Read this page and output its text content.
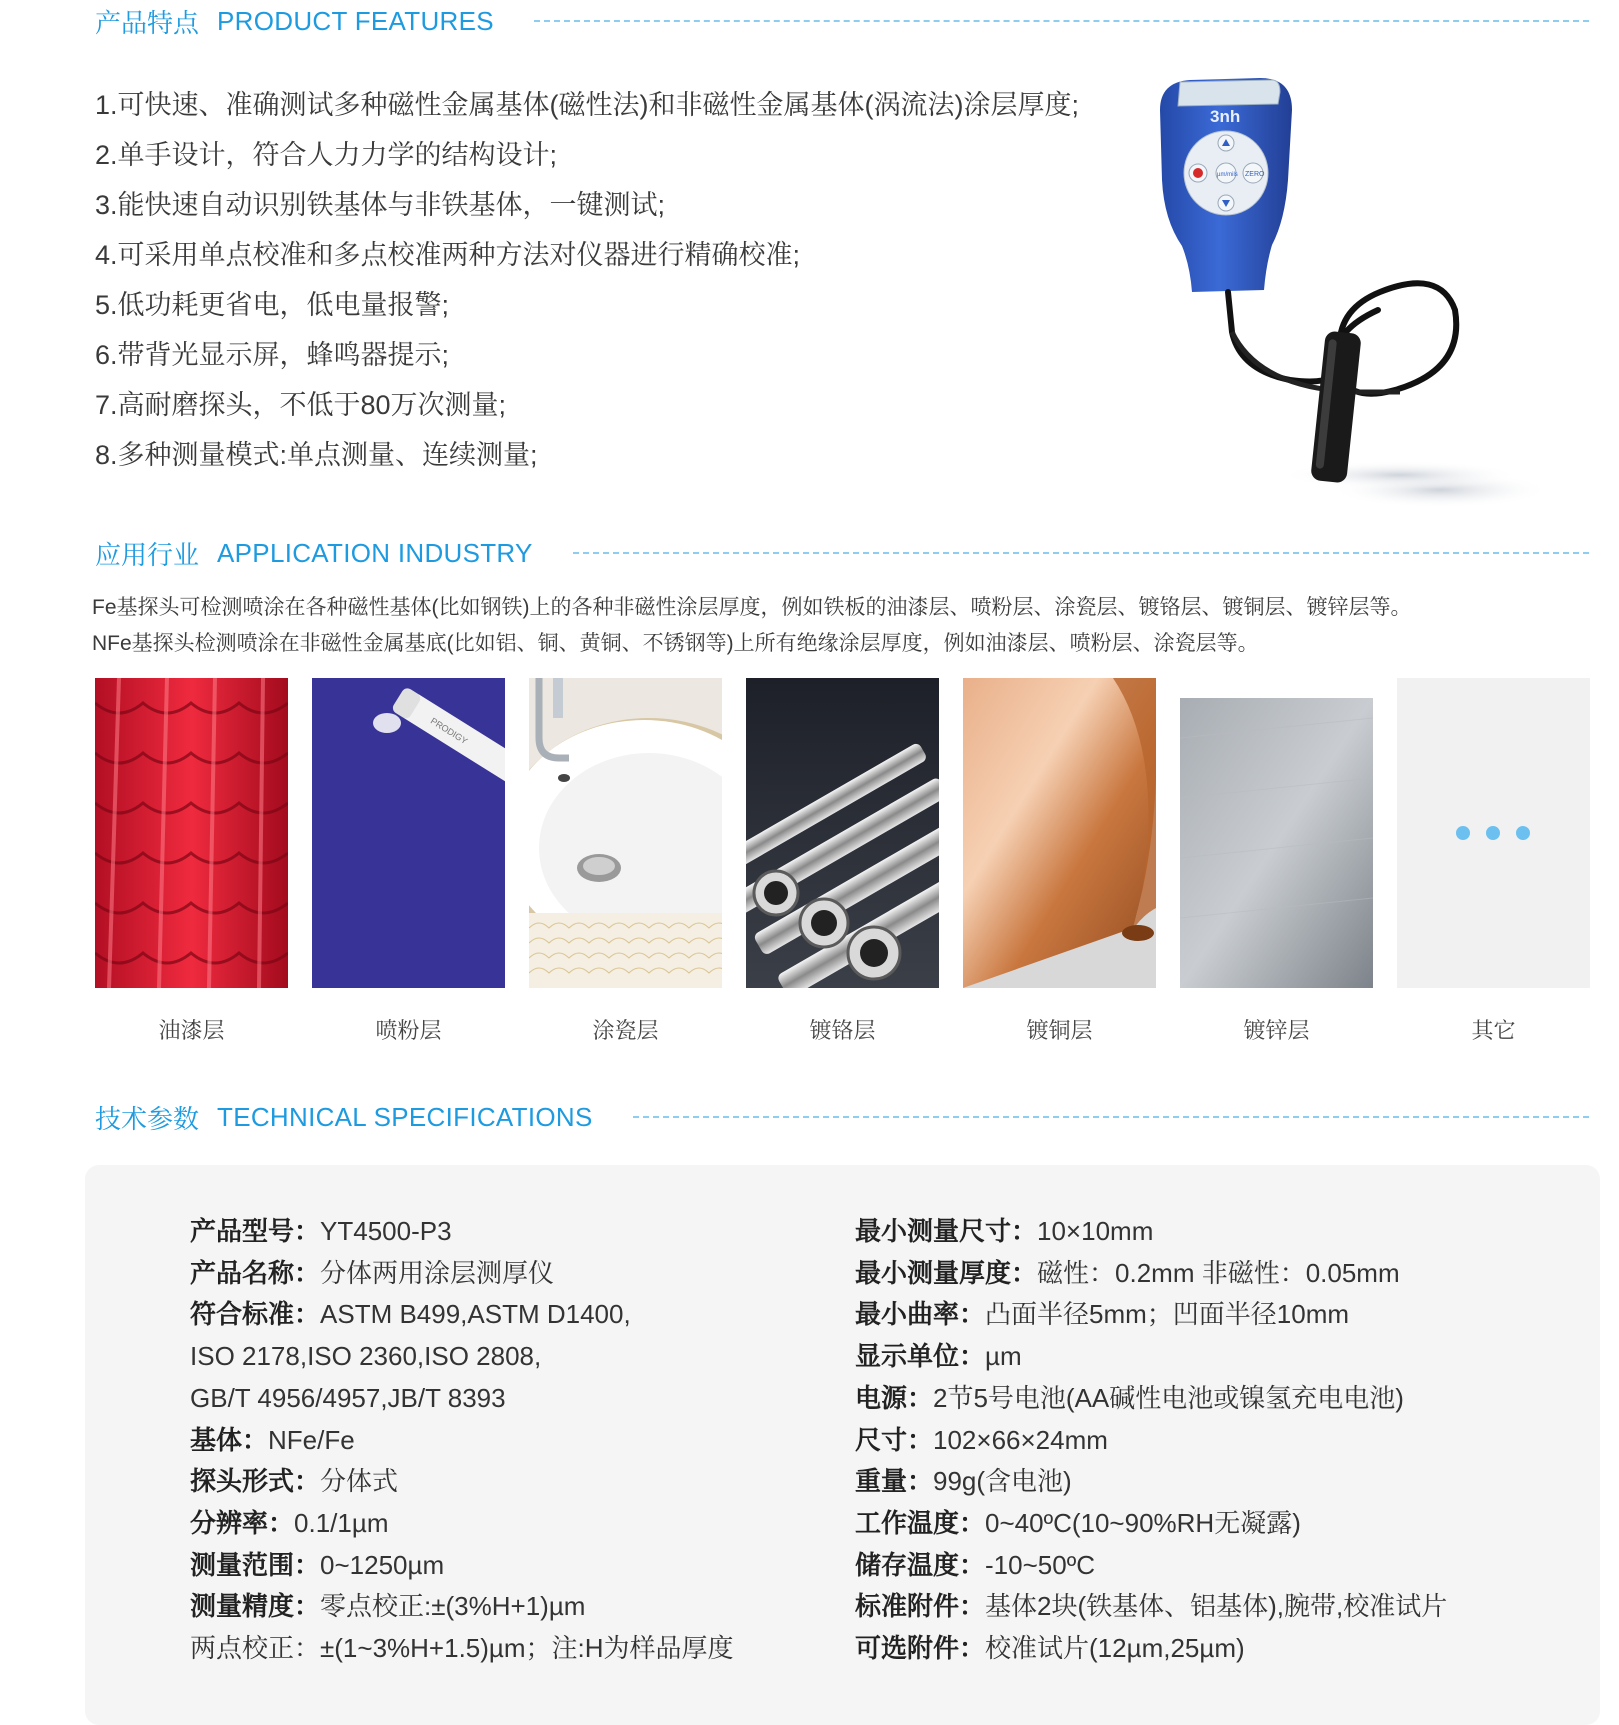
产品特点 PRODUCT FEATURES
1.可快速、准确测试多种磁性金属基体(磁性法)和非磁性金属基体(涡流法)涂层厚度;
2.单手设计，符合人力力学的结构设计;
3.能快速自动识别铁基体与非铁基体，一键测试;
4.可采用单点校准和多点校准两种方法对仪器进行精确校准;
5.低功耗更省电，低电量报警;
6.带背光显示屏，蜂鸣器提示;
7.高耐磨探头，不低于80万次测量;
8.多种测量模式:单点测量、连续测量;
3nh
µm/mils ZERO
应用行业 APPLICATION INDUSTRY

Fe基探头可检测喷涂在各种磁性基体(比如钢铁)上的各种非磁性涂层厚度，例如铁板的油漆层、喷粉层、涂瓷层、镀铬层、镀铜层、镀锌层等。

NFe基探头检测喷涂在非磁性金属基底(比如铝、铜、黄铜、不锈钢等)上所有绝缘涂层厚度，例如油漆层、喷粉层、涂瓷层等。

油漆层
PRODIGY
喷粉层	涂瓷层	镀铬层	镀铜层	镀锌层	其它
技术参数 TECHNICAL SPECIFICATIONS
产品型号：YT4500-P3
产品名称：分体两用涂层测厚仪
符合标准：ASTM B499,ASTM D1400,
ISO 2178,ISO 2360,ISO 2808,
GB/T 4956/4957,JB/T 8393
基体：NFe/Fe
探头形式：分体式
分辨率：0.1/1µm
测量范围：0~1250µm
测量精度：零点校正:±(3%H+1)µm
两点校正：±(1~3%H+1.5)µm；注:H为样品厚度
最小测量尺寸：10×10mm
最小测量厚度：磁性：0.2mm 非磁性：0.05mm
最小曲率：凸面半径5mm；凹面半径10mm
显示单位：µm
电源：2节5号电池(AA碱性电池或镍氢充电电池)
尺寸：102×66×24mm
重量：99g(含电池)
工作温度：0~40ºC(10~90%RH无凝露)
储存温度：-10~50ºC
标准附件：基体2块(铁基体、铝基体),腕带,校准试片
可选附件：校准试片(12µm,25µm)
